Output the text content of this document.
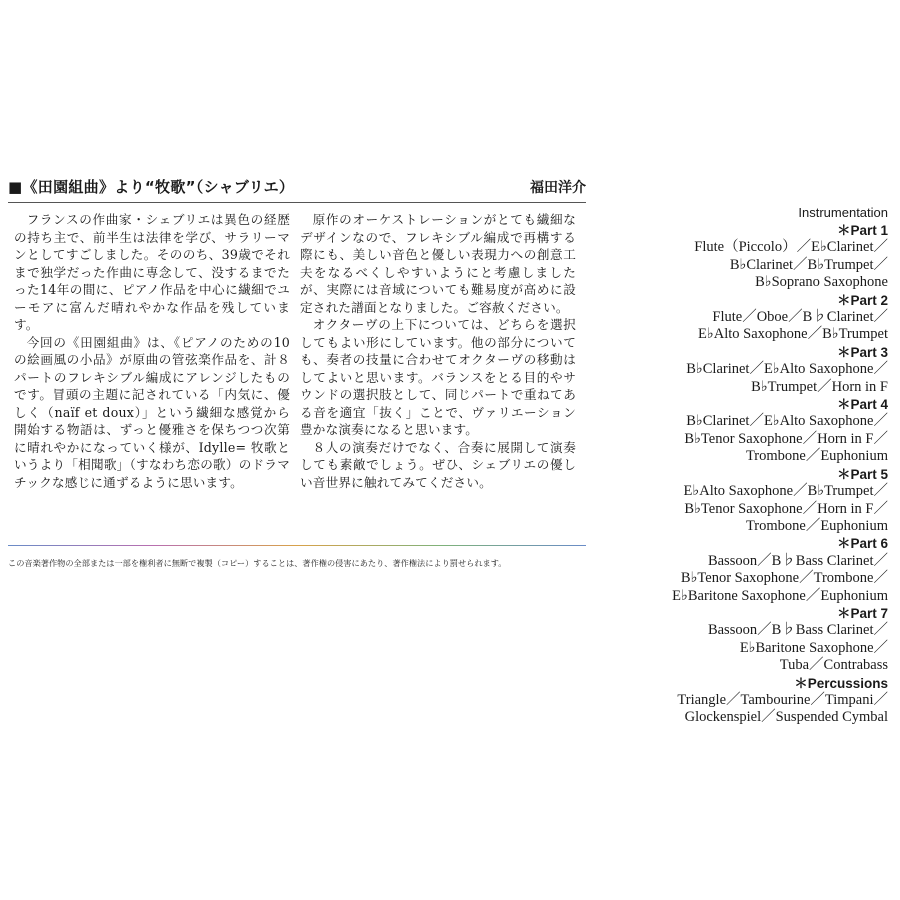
■《田園組曲》より“牧歌”（シャブリエ）	福田洋介

フランスの作曲家・シェブリエは異色の経歴の持ち主で、前半生は法律を学び、サラリーマンとしてすごしました。そののち、39歳でそれまで独学だった作曲に専念して、没するまでたった14年の間に、ピアノ作品を中心に繊細でユーモアに富んだ晴れやかな作品を残しています。

今回の《田園組曲》は、《ピアノのための10の絵画風の小品》が原曲の管弦楽作品を、計８パートのフレキシブル編成にアレンジしたものです。冒頭の主題に記されている「内気に、優しく（naïf et doux）」という繊細な感覚から開始する物語は、ずっと優雅さを保ちつつ次第に晴れやかになっていく様が、Idylle= 牧歌というより「相聞歌」（すなわち恋の歌）のドラマチックな感じに通ずるように思います。

原作のオーケストレーションがとても繊細なデザインなので、フレキシブル編成で再構する際にも、美しい音色と優しい表現力への創意工夫をなるべくしやすいようにと考慮しましたが、実際には音域についても難易度が高めに設定された譜面となりました。ご容赦ください。

オクターヴの上下については、どちらを選択してもよい形にしています。他の部分についても、奏者の技量に合わせてオクターヴの移動はしてよいと思います。バランスをとる目的やサウンドの選択肢として、同じパートで重ねてある音を適宜「抜く」ことで、ヴァリエーション豊かな演奏になると思います。

８人の演奏だけでなく、合奏に展開して演奏しても素敵でしょう。ぜひ、シェブリエの優しい音世界に触れてみてください。

この音楽著作物の全部または一部を権利者に無断で複製（コピー）することは、著作権の侵害にあたり、著作権法により罰せられます。
Instrumentation
＊Part 1
Flute（Piccolo）／E♭Clarinet／
B♭Clarinet／B♭Trumpet／
B♭Soprano Saxophone
＊Part 2
Flute／Oboe／B♭Clarinet／
E♭Alto Saxophone／B♭Trumpet
＊Part 3
B♭Clarinet／E♭Alto Saxophone／
B♭Trumpet／Horn in F
＊Part 4
B♭Clarinet／E♭Alto Saxophone／
B♭Tenor Saxophone／Horn in F／
Trombone／Euphonium
＊Part 5
E♭Alto Saxophone／B♭Trumpet／
B♭Tenor Saxophone／Horn in F／
Trombone／Euphonium
＊Part 6
Bassoon／B♭Bass Clarinet／
B♭Tenor Saxophone／Trombone／
E♭Baritone Saxophone／Euphonium
＊Part 7
Bassoon／B♭Bass Clarinet／
E♭Baritone Saxophone／
Tuba／Contrabass
＊Percussions
Triangle／Tambourine／Timpani／
Glockenspiel／Suspended Cymbal
